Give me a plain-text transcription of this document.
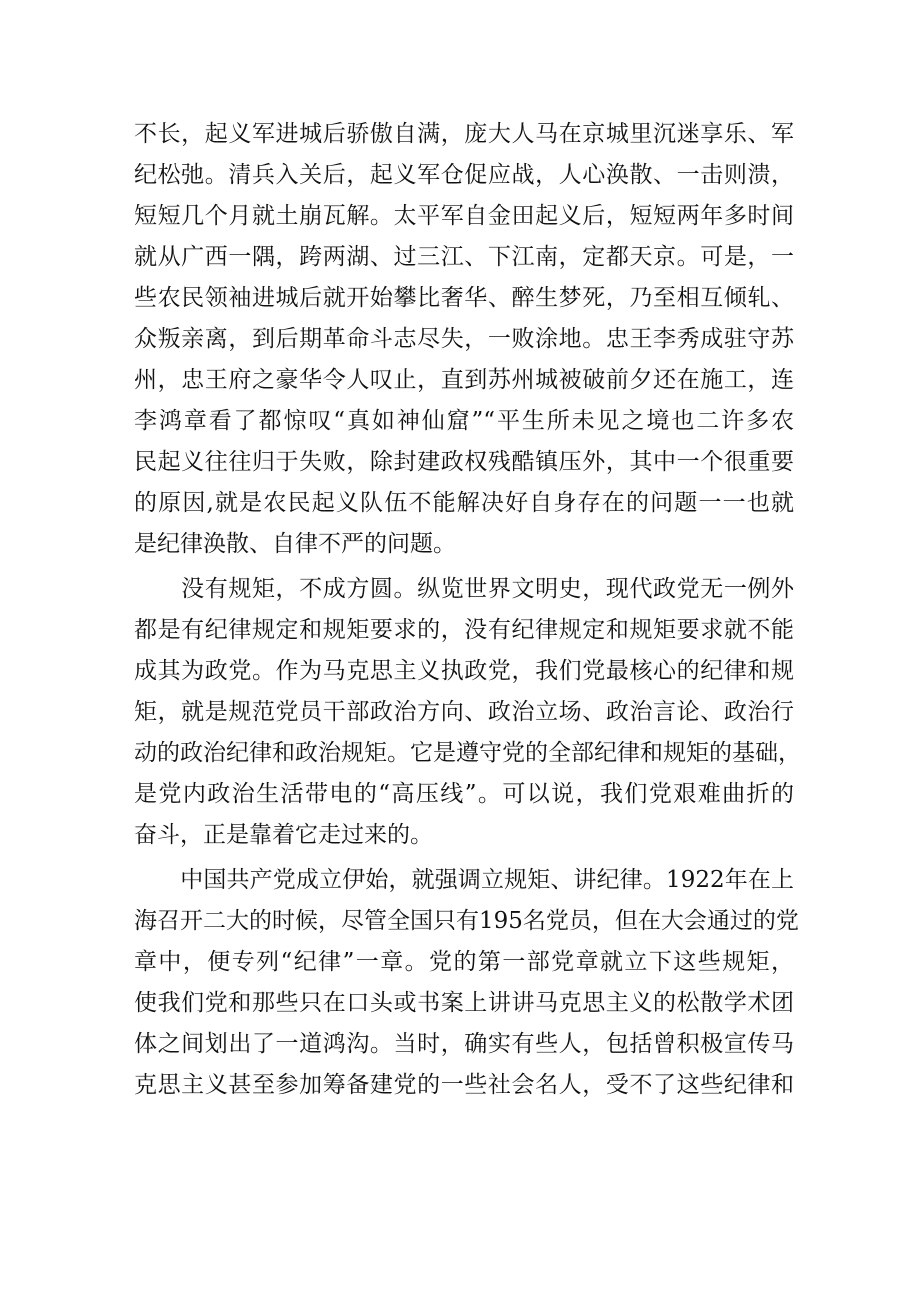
不长，起义军进城后骄傲自满，庞大人马在京城里沉迷享乐、军
纪松弛。清兵入关后，起义军仓促应战，人心涣散、一击则溃，
短短几个月就土崩瓦解。太平军自金田起义后，短短两年多时间
就从广西一隅，跨两湖、过三江、下江南，定都天京。可是，一
些农民领袖进城后就开始攀比奢华、醉生梦死，乃至相互倾轧、
众叛亲离，到后期革命斗志尽失，一败涂地。忠王李秀成驻守苏
州，忠王府之豪华令人叹止，直到苏州城被破前夕还在施工，连
李鸿章看了都惊叹“真如神仙窟”“平生所未见之境也二许多农
民起义往往归于失败，除封建政权残酷镇压外，其中一个很重要
的原因,就是农民起义队伍不能解决好自身存在的问题一一也就
是纪律涣散、自律不严的问题。
　　没有规矩，不成方圆。纵览世界文明史，现代政党无一例外
都是有纪律规定和规矩要求的，没有纪律规定和规矩要求就不能
成其为政党。作为马克思主义执政党，我们党最核心的纪律和规
矩，就是规范党员干部政治方向、政治立场、政治言论、政治行
动的政治纪律和政治规矩。它是遵守党的全部纪律和规矩的基础，
是党内政治生活带电的“高压线”。可以说，我们党艰难曲折的
奋斗，正是靠着它走过来的。
　　中国共产党成立伊始，就强调立规矩、讲纪律。1922年在上
海召开二大的时候，尽管全国只有195名党员，但在大会通过的党
章中，便专列“纪律”一章。党的第一部党章就立下这些规矩，
使我们党和那些只在口头或书案上讲讲马克思主义的松散学术团
体之间划出了一道鸿沟。当时，确实有些人，包括曾积极宣传马
克思主义甚至参加筹备建党的一些社会名人，受不了这些纪律和
